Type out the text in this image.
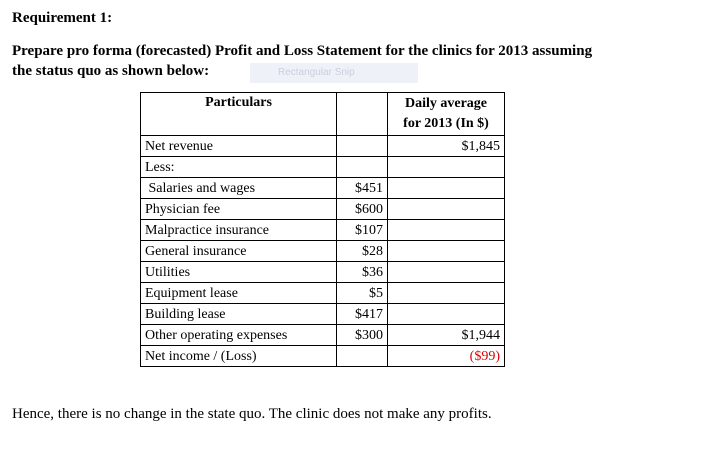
Requirement 1:
Prepare pro forma (forecasted) Profit and Loss Statement for the clinics for 2013 assuming
the status quo as shown below:	Rectangular Snip
Particulars		Daily average
for 2013 (In $)

Net revenue		$1,845
Less:		
Salaries and wages	$451	
Physician fee	$600	
Malpractice insurance	$107	
General insurance	$28	
Utilities	$36	
Equipment lease	$5	
Building lease	$417	
Other operating expenses	$300	$1,944
Net income / (Loss)		($99)
Hence, there is no change in the state quo. The clinic does not make any profits.
